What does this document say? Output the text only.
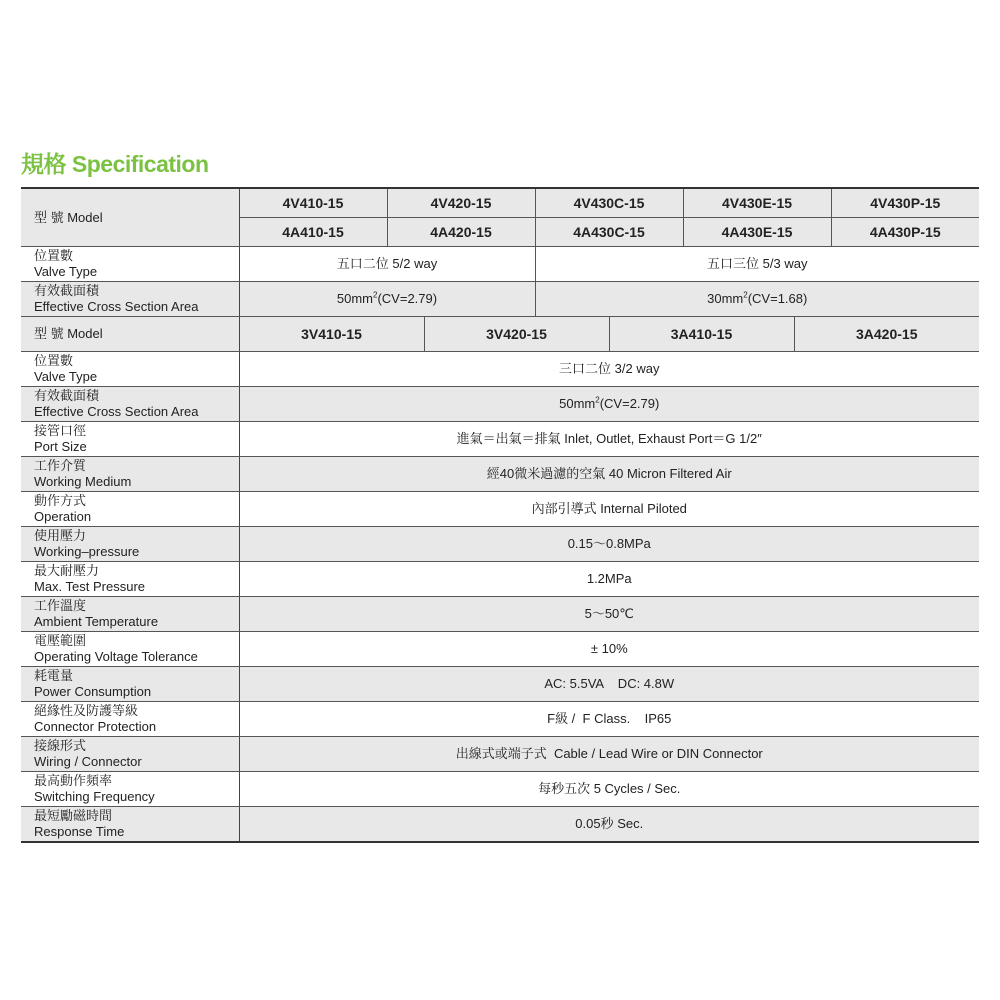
規格 Specification
型 號 Model	4V410-15	4V420-15		4V430C-15		4V430E-15		4V430P-15
	4A410-15	4A420-15		4A430C-15		4A430E-15		4A430P-15

位置數
Valve Type	五口二位 5/2 way			五口三位 5/3 way				

有效截面積
Effective Cross Section Area	$50mm^2(CV=2.79)$			$30mm^2(CV=1.68)$				
型 號 Model	3V410-15		3V420-15		3A410-15		3A420-15	

位置數
Valve Type	三口二位 3/2 way							

有效截面積
Effective Cross Section Area	$50mm^2(CV=2.79)$							

接管口徑
Port Size	進氣＝出氣＝排氣 Inlet, Outlet, Exhaust Port＝G 1/2″							

工作介質
Working Medium	經40微米過濾的空氣 40 Micron Filtered Air							

動作方式
Operation	內部引導式 Internal Piloted							

使用壓力
Working–pressure	0.15～0.8MPa							

最大耐壓力
Max. Test Pressure	1.2MPa							

工作溫度
Ambient Temperature	5～50℃							

電壓範圍
Operating Voltage Tolerance	± 10%							

耗電量
Power Consumption	AC: 5.5VA    DC: 4.8W							

絕緣性及防護等級
Connector Protection	F級 /  F Class.    IP65							

接線形式
Wiring / Connector	出線式或端子式  Cable / Lead Wire or DIN Connector							

最高動作頻率
Switching Frequency	每秒五次 5 Cycles / Sec.							

最短勵磁時間
Response Time	0.05秒 Sec.							
